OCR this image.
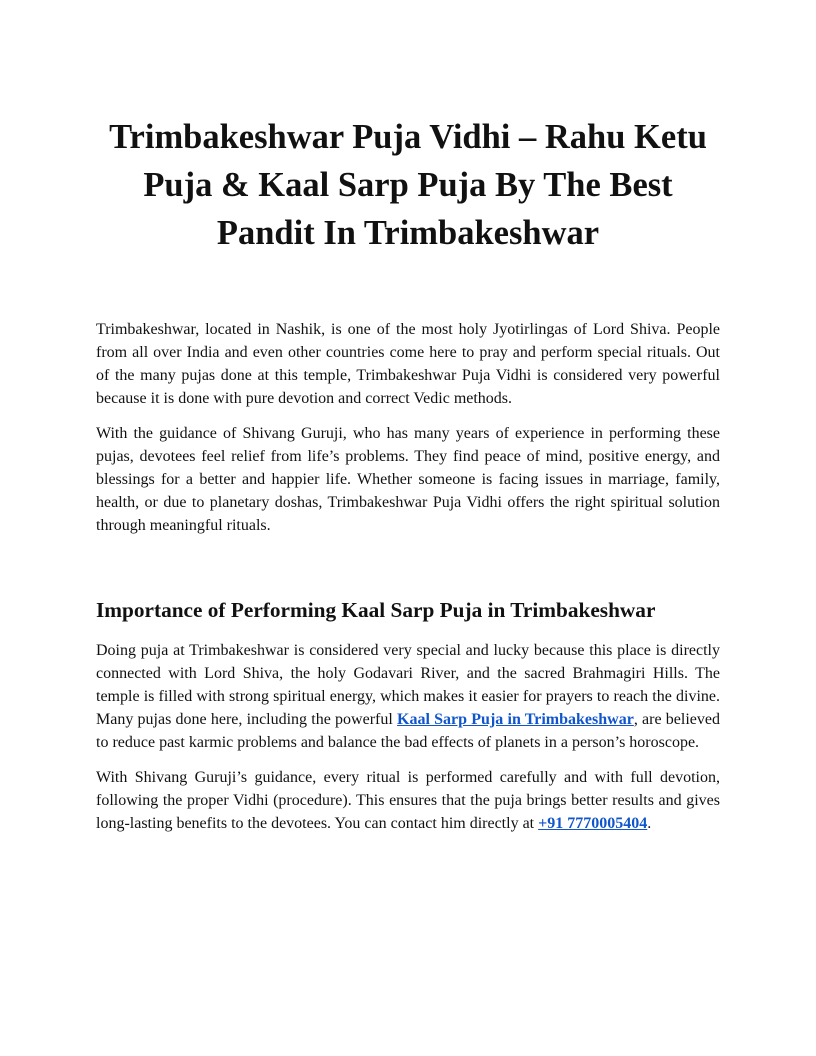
Trimbakeshwar Puja Vidhi – Rahu Ketu
Puja & Kaal Sarp Puja By The Best
Pandit In Trimbakeshwar

Trimbakeshwar, located in Nashik, is one of the most holy Jyotirlingas of Lord Shiva. People from all over India and even other countries come here to pray and perform special rituals. Out of the many pujas done at this temple, Trimbakeshwar Puja Vidhi is considered very powerful because it is done with pure devotion and correct Vedic methods.

With the guidance of Shivang Guruji, who has many years of experience in performing these pujas, devotees feel relief from life’s problems. They find peace of mind, positive energy, and blessings for a better and happier life. Whether someone is facing issues in marriage, family, health, or due to planetary doshas, Trimbakeshwar Puja Vidhi offers the right spiritual solution through meaningful rituals.

Importance of Performing Kaal Sarp Puja in Trimbakeshwar

Doing puja at Trimbakeshwar is considered very special and lucky because this place is directly connected with Lord Shiva, the holy Godavari River, and the sacred Brahmagiri Hills. The temple is filled with strong spiritual energy, which makes it easier for prayers to reach the divine. Many pujas done here, including the powerful Kaal Sarp Puja in Trimbakeshwar, are believed to reduce past karmic problems and balance the bad effects of planets in a person’s horoscope.

With Shivang Guruji’s guidance, every ritual is performed carefully and with full devotion, following the proper Vidhi (procedure). This ensures that the puja brings better results and gives long-lasting benefits to the devotees. You can contact him directly at +91 7770005404.
